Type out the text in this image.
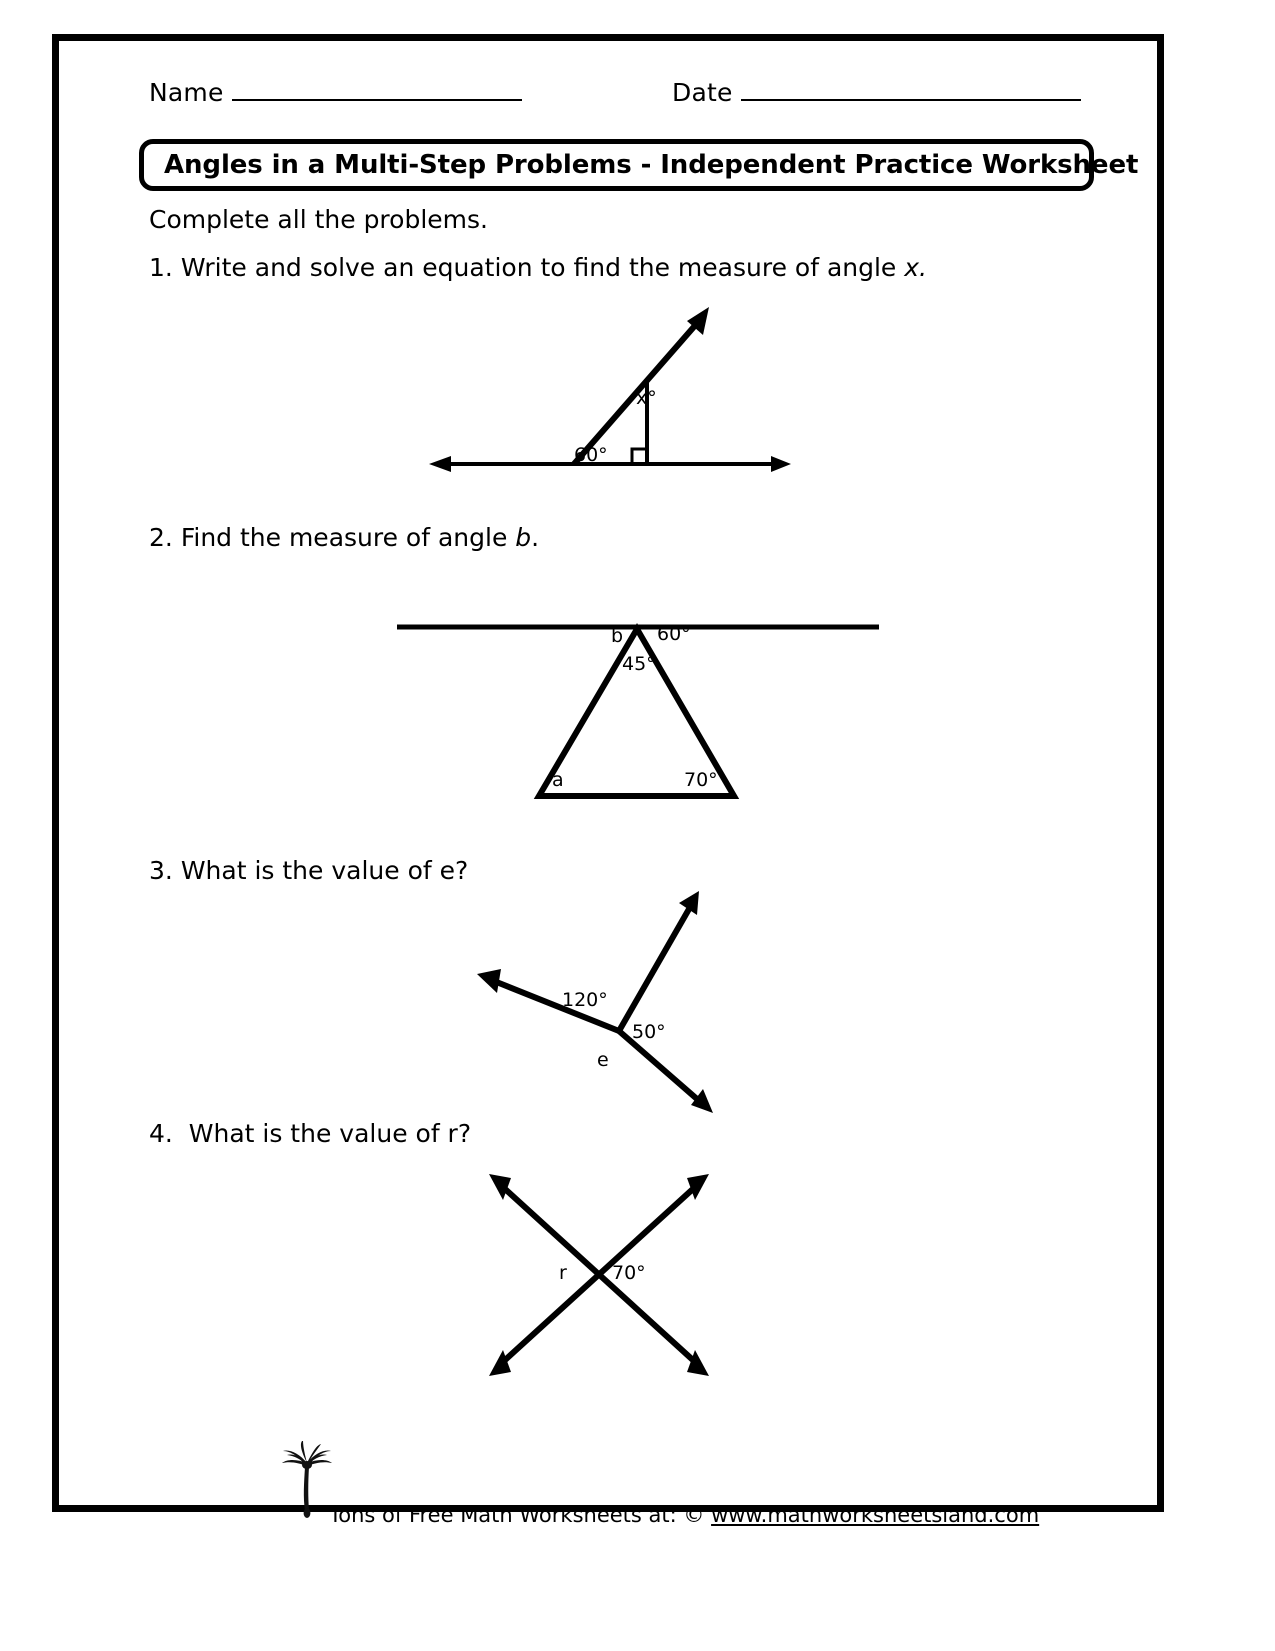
Name	Date
Angles in a Multi-Step Problems - Independent Practice Worksheet
Complete all the problems.
1. Write and solve an equation to find the measure of angle x.
60°
x°
2. Find the measure of angle b.
b 60°
45°
a	70°
3. What is the value of e?
120°
50°
e
4.  What is the value of r?
r 70°
Tons of Free Math Worksheets at: © www.mathworksheetsland.com
